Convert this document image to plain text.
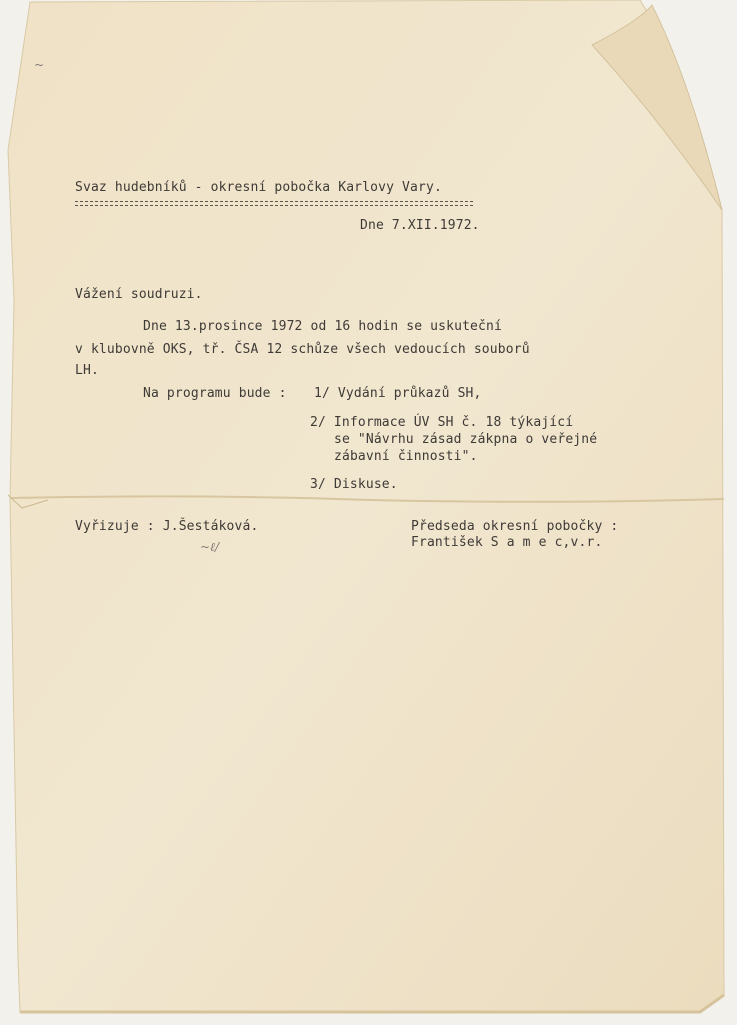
~
~ℓ/
Svaz hudebníků - okresní pobočka Karlovy Vary.
Dne 7.XII.1972.
Vážení soudruzi.
Dne 13.prosince 1972 od 16 hodin se uskuteční
v klubovně OKS, tř. ČSA 12 schůze všech vedoucích souborů
LH.
Na programu bude : 1/ Vydání průkazů SH,
2/ Informace ÚV SH č. 18 týkající
se "Návrhu zásad zákpna o veřejné
zábavní činnosti".
3/ Diskuse.
Vyřizuje : J.Šestáková.	Předseda okresní pobočky :
František S a m e c,v.r.
